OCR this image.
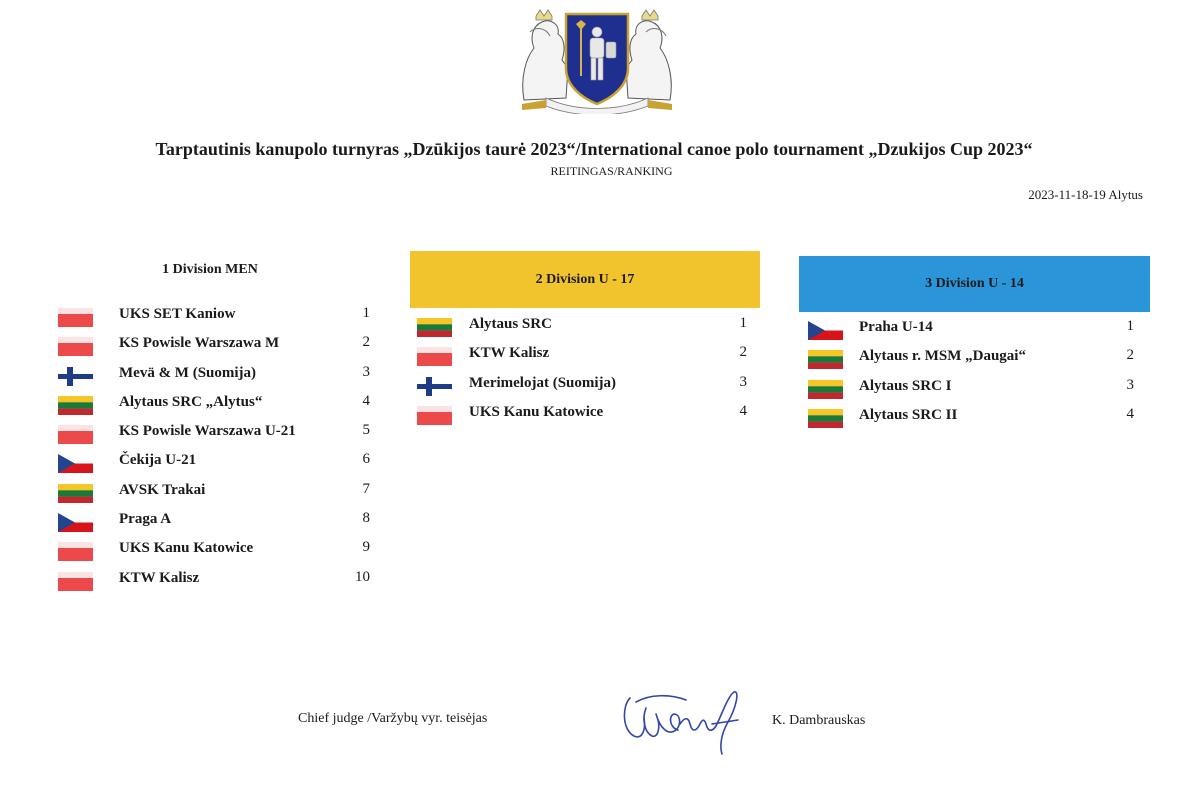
Tarptautinis kanupolo turnyras „Dzūkijos taurė 2023“/International canoe polo tournament „Dzukijos Cup 2023“
REITINGAS/RANKING
2023-11-18-19 Alytus
1 Division MEN
2 Division U - 17	3 Division U - 14
UKS SET Kaniow	1
KS Powisle Warszawa M	2
Mevä & M (Suomija)	3
Alytaus SRC „Alytus“	4
KS Powisle Warszawa U-21	5
Čekija U-21	6
AVSK Trakai	7
Praga A	8
UKS Kanu Katowice	9
KTW Kalisz	10
Alytaus SRC	1
KTW Kalisz	2
Merimelojat (Suomija)	3
UKS Kanu Katowice	4
Praha U-14	1
Alytaus r. MSM „Daugai“	2
Alytaus SRC I	3
Alytaus SRC II	4
Chief judge /Varžybų vyr. teisėjas	K. Dambrauskas
